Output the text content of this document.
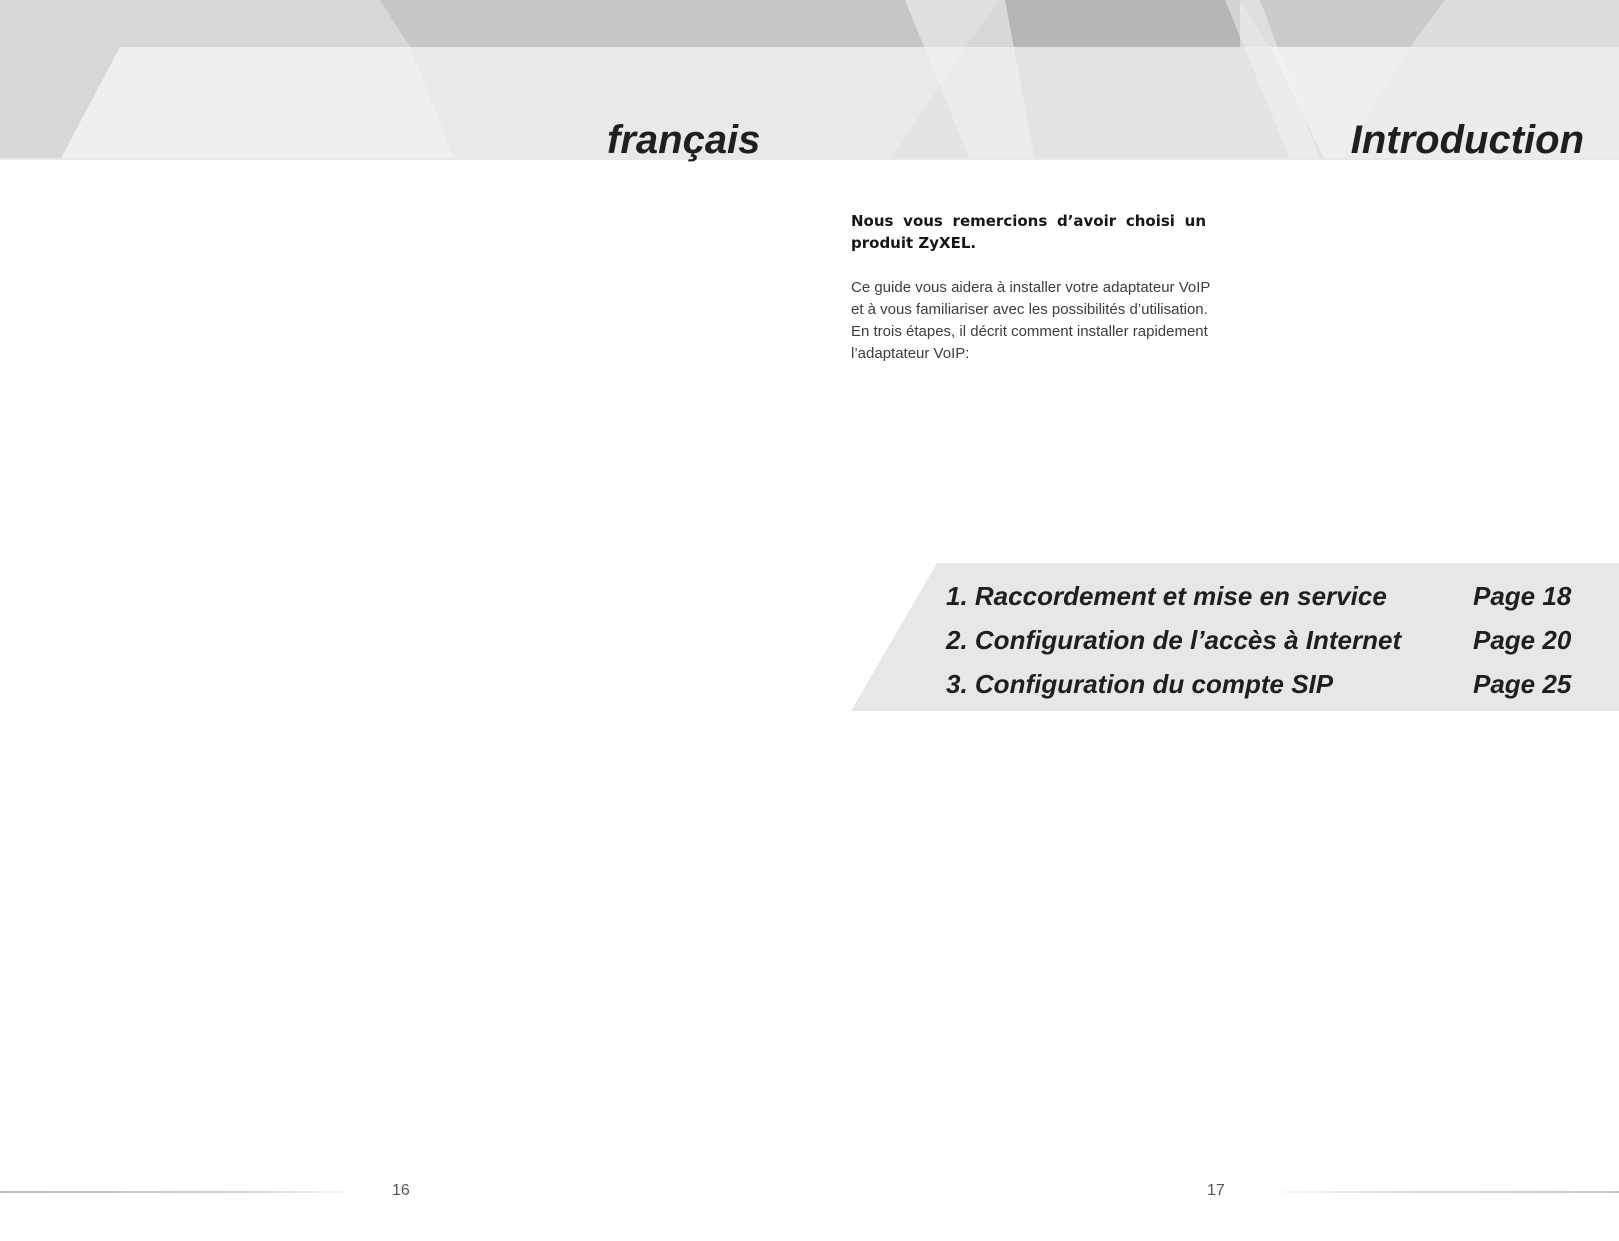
français	Introduction

Nous vous remercions d’avoir choisi un produit ZyXEL.

Ce guide vous aidera à installer votre adaptateur VoIP
et à vous familiariser avec les possibilités d’utilisation.
En trois étapes, il décrit comment installer rapidement
l’adaptateur VoIP:

1. Raccordement et mise en service	Page 18
2. Configuration de l’accès à Internet	Page 20
3. Configuration du compte SIP	Page 25
16	17
